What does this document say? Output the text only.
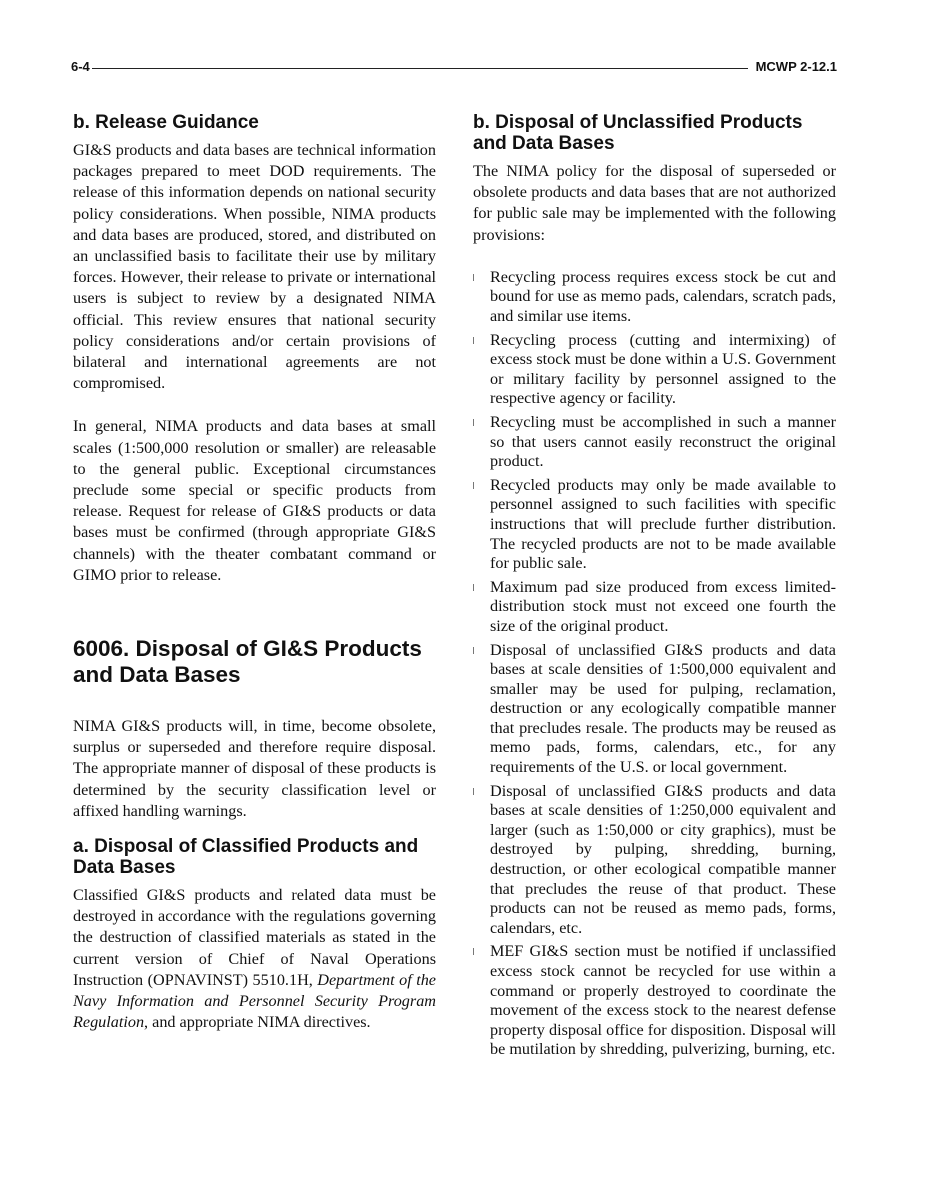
6-4	MCWP 2-12.1
b. Release Guidance

GI&S products and data bases are technical information packages prepared to meet DOD requirements. The release of this information depends on national security policy considerations. When possible, NIMA products and data bases are produced, stored, and distributed on an unclassified basis to facilitate their use by military forces. However, their release to private or international users is subject to review by a designated NIMA official. This review ensures that national security policy considerations and/or certain provisions of bilateral and international agreements are not compromised.

In general, NIMA products and data bases at small scales (1:500,000 resolution or smaller) are releasable to the general public. Exceptional circumstances preclude some special or specific products from release. Request for release of GI&S products or data bases must be confirmed (through appropriate GI&S channels) with the theater combatant command or GIMO prior to release.

6006. Disposal of GI&S Products and Data Bases

NIMA GI&S products will, in time, become obsolete, surplus or superseded and therefore require disposal. The appropriate manner of disposal of these products is determined by the security classification level or affixed handling warnings.

a. Disposal of Classified Products and Data Bases

Classified GI&S products and related data must be destroyed in accordance with the regulations governing the destruction of classified materials as stated in the current version of Chief of Naval Operations Instruction (OPNAVINST) 5510.1H, Department of the Navy Information and Personnel Security Program Regulation, and appropriate NIMA directives.

b. Disposal of Unclassified Products and Data Bases

The NIMA policy for the disposal of superseded or obsolete products and data bases that are not authorized for public sale may be implemented with the following provisions:

Recycling process requires excess stock be cut and bound for use as memo pads, calendars, scratch pads, and similar use items.

Recycling process (cutting and intermixing) of excess stock must be done within a U.S. Government or military facility by personnel assigned to the respective agency or facility.

Recycling must be accomplished in such a manner so that users cannot easily reconstruct the original product.

Recycled products may only be made available to personnel assigned to such facilities with specific instructions that will preclude further distribution. The recycled products are not to be made available for public sale.

Maximum pad size produced from excess limited-distribution stock must not exceed one fourth the size of the original product.

Disposal of unclassified GI&S products and data bases at scale densities of 1:500,000 equivalent and smaller may be used for pulping, reclamation, destruction or any ecologically compatible manner that precludes resale. The products may be reused as memo pads, forms, calendars, etc., for any requirements of the U.S. or local government.

Disposal of unclassified GI&S products and data bases at scale densities of 1:250,000 equivalent and larger (such as 1:50,000 or city graphics), must be destroyed by pulping, shredding, burning, destruction, or other ecological compatible manner that precludes the reuse of that product. These products can not be reused as memo pads, forms, calendars, etc.

MEF GI&S section must be notified if unclassified excess stock cannot be recycled for use within a command or properly destroyed to coordinate the movement of the excess stock to the nearest defense property disposal office for disposition. Disposal will be mutilation by shredding, pulverizing, burning, etc.
